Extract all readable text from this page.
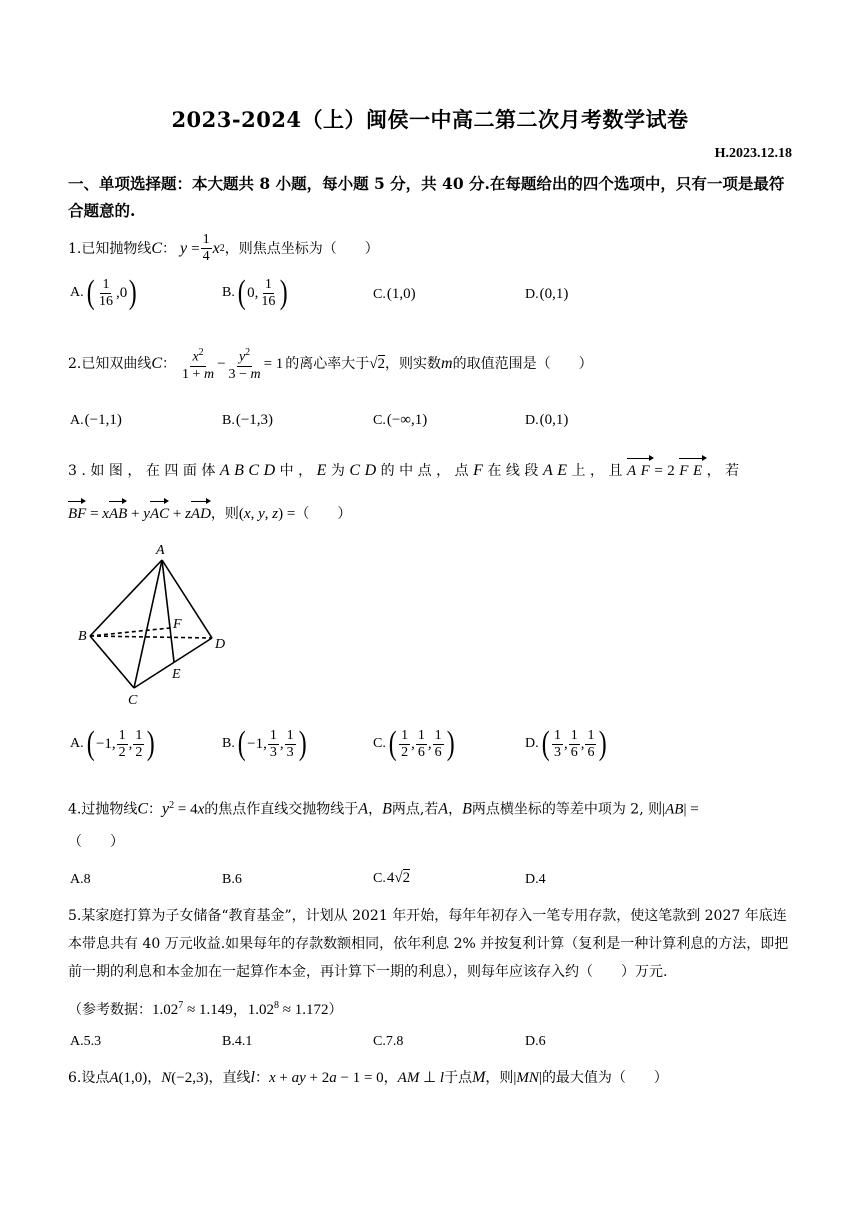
2023-2024（上）闽侯一中高二第二次月考数学试卷
H.2023.12.18
一、单项选择题：本大题共 8 小题，每小题 5 分，共 40 分.在每题给出的四个选项中，只有一项是最符合题意的.
1.已知抛物线 C ： $y = \frac{1}{4}$ x 2 ，则焦点坐标为（　　）
A. ( $\frac{1}{16} ,0$ )	B. ( 0, $\frac{1}{16}$ )	C. (1,0)	D. (0,1)
2.已知双曲线 C ： $\frac{x^2}{1 + m} - \frac{y^2}{3 - m} = 1$ 的离心率大于 √2 ，则实数 m 的取值范围是（　　）
A. (−1,1)	B. (−1,3)	C. (−∞,1)	D. (0,1)
3.如图，在四面体ABCD中，E为CD的中点，点F在线段AE上，且AF=2FE，若
BF = xAB + yAC + zAD，则(x, y, z) =（　　）
A
B
C
D
E
F
A. ( −1, $\frac{1}{2}$ , $\frac{1}{2}$ )	B. ( −1, $\frac{1}{3}$ , $\frac{1}{3}$ )	C. ( $\frac{1}{2}$ , $\frac{1}{6}$ , $\frac{1}{6}$ )	D. ( $\frac{1}{3}$ , $\frac{1}{6}$ , $\frac{1}{6}$ )
4.过抛物线C：$y^2 = 4x$的焦点作直线交抛物线于A，B两点,若A，B两点横坐标的等差中项为 2, 则|AB| =
（　　）
A.8	B.6	C. 4√2	D.4
5.某家庭打算为子女储备“教育基金”，计划从 2021 年开始，每年年初存入一笔专用存款，使这笔款到 2027 年底连本带息共有 40 万元收益.如果每年的存款数额相同，依年利息 2% 并按复利计算（复利是一种计算利息的方法，即把前一期的利息和本金加在一起算作本金，再计算下一期的利息），则每年应该存入约（　　）万元.
（参考数据：$1.02^7 \approx 1.149$，$1.02^8 \approx 1.172$）
A.5.3	B.4.1	C.7.8	D.6
6.设点A(1,0)，N(−2,3)，直线l：x + ay + 2a − 1 = 0，AM ⊥ l于点M，则|MN|的最大值为（　　）
